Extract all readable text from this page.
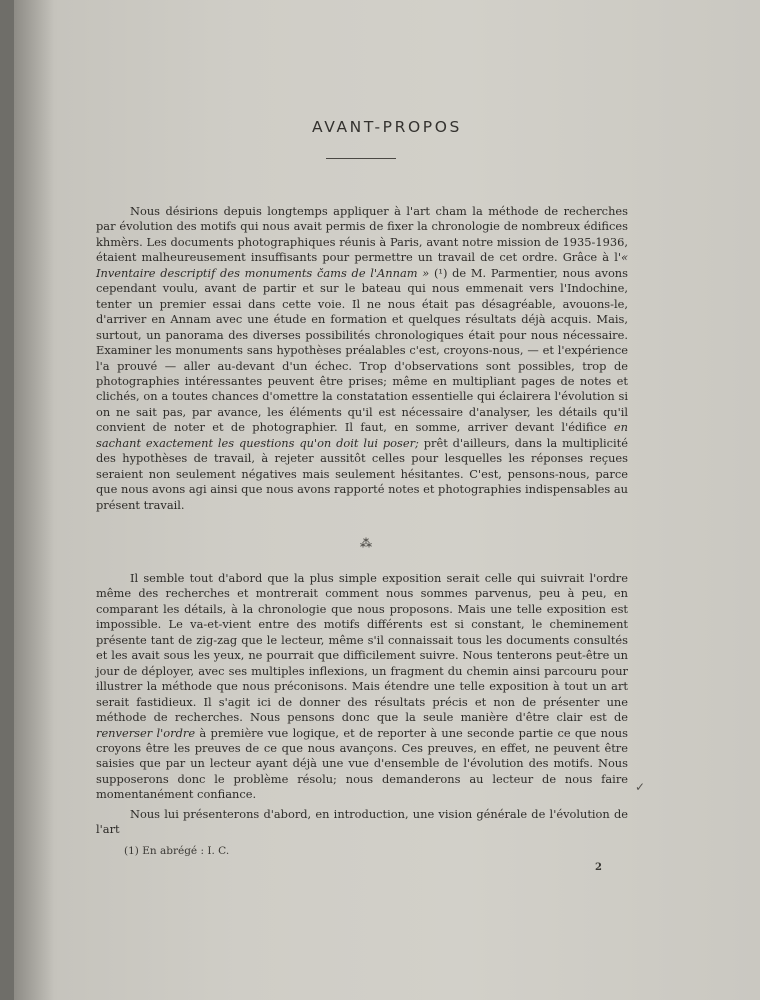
AVANT-PROPOS

Nous désirions depuis longtemps appliquer à l'art cham la méthode de recherches par évolution des motifs qui nous avait permis de fixer la chronologie de nombreux édifices khmèrs. Les documents photographiques réunis à Paris, avant notre mission de 1935-1936, étaient malheureusement insuffisants pour permettre un travail de cet ordre. Grâce à l'« Inventaire descriptif des monuments čams de l'Annam » (¹) de M. Parmentier, nous avons cependant voulu, avant de partir et sur le bateau qui nous emmenait vers l'Indochine, tenter un premier essai dans cette voie. Il ne nous était pas désagréable, avouons-le, d'arriver en Annam avec une étude en formation et quelques résultats déjà acquis. Mais, surtout, un panorama des diverses possibilités chronologiques était pour nous nécessaire. Examiner les monuments sans hypothèses préalables c'est, croyons-nous, — et l'expérience l'a prouvé — aller au-devant d'un échec. Trop d'observations sont possibles, trop de photographies intéressantes peuvent être prises; même en multipliant pages de notes et clichés, on a toutes chances d'omettre la constatation essentielle qui éclairera l'évolution si on ne sait pas, par avance, les éléments qu'il est nécessaire d'analyser, les détails qu'il convient de noter et de photographier. Il faut, en somme, arriver devant l'édifice en sachant exactement les questions qu'on doit lui poser; prêt d'ailleurs, dans la multiplicité des hypothèses de travail, à rejeter aussitôt celles pour lesquelles les réponses reçues seraient non seulement négatives mais seulement hésitantes. C'est, pensons-nous, parce que nous avons agi ainsi que nous avons rapporté notes et photographies indispensables au présent travail.

⁂

Il semble tout d'abord que la plus simple exposition serait celle qui suivrait l'ordre même des recherches et montrerait comment nous sommes parvenus, peu à peu, en comparant les détails, à la chronologie que nous proposons. Mais une telle exposition est impossible. Le va-et-vient entre des motifs différents est si constant, le cheminement présente tant de zig-zag que le lecteur, même s'il connaissait tous les documents consultés et les avait sous les yeux, ne pourrait que difficilement suivre. Nous tenterons peut-être un jour de déployer, avec ses multiples inflexions, un fragment du chemin ainsi parcouru pour illustrer la méthode que nous préconisons. Mais étendre une telle exposition à tout un art serait fastidieux. Il s'agit ici de donner des résultats précis et non de présenter une méthode de recherches. Nous pensons donc que la seule manière d'être clair est de renverser l'ordre à première vue logique, et de reporter à une seconde partie ce que nous croyons être les preuves de ce que nous avançons. Ces preuves, en effet, ne peuvent être saisies que par un lecteur ayant déjà une vue d'ensemble de l'évolution des motifs. Nous supposerons donc le problème résolu; nous demanderons au lecteur de nous faire momentanément confiance.

Nous lui présenterons d'abord, en introduction, une vision générale de l'évolution de l'art

✓
(1) En abrégé : I. C.
2
